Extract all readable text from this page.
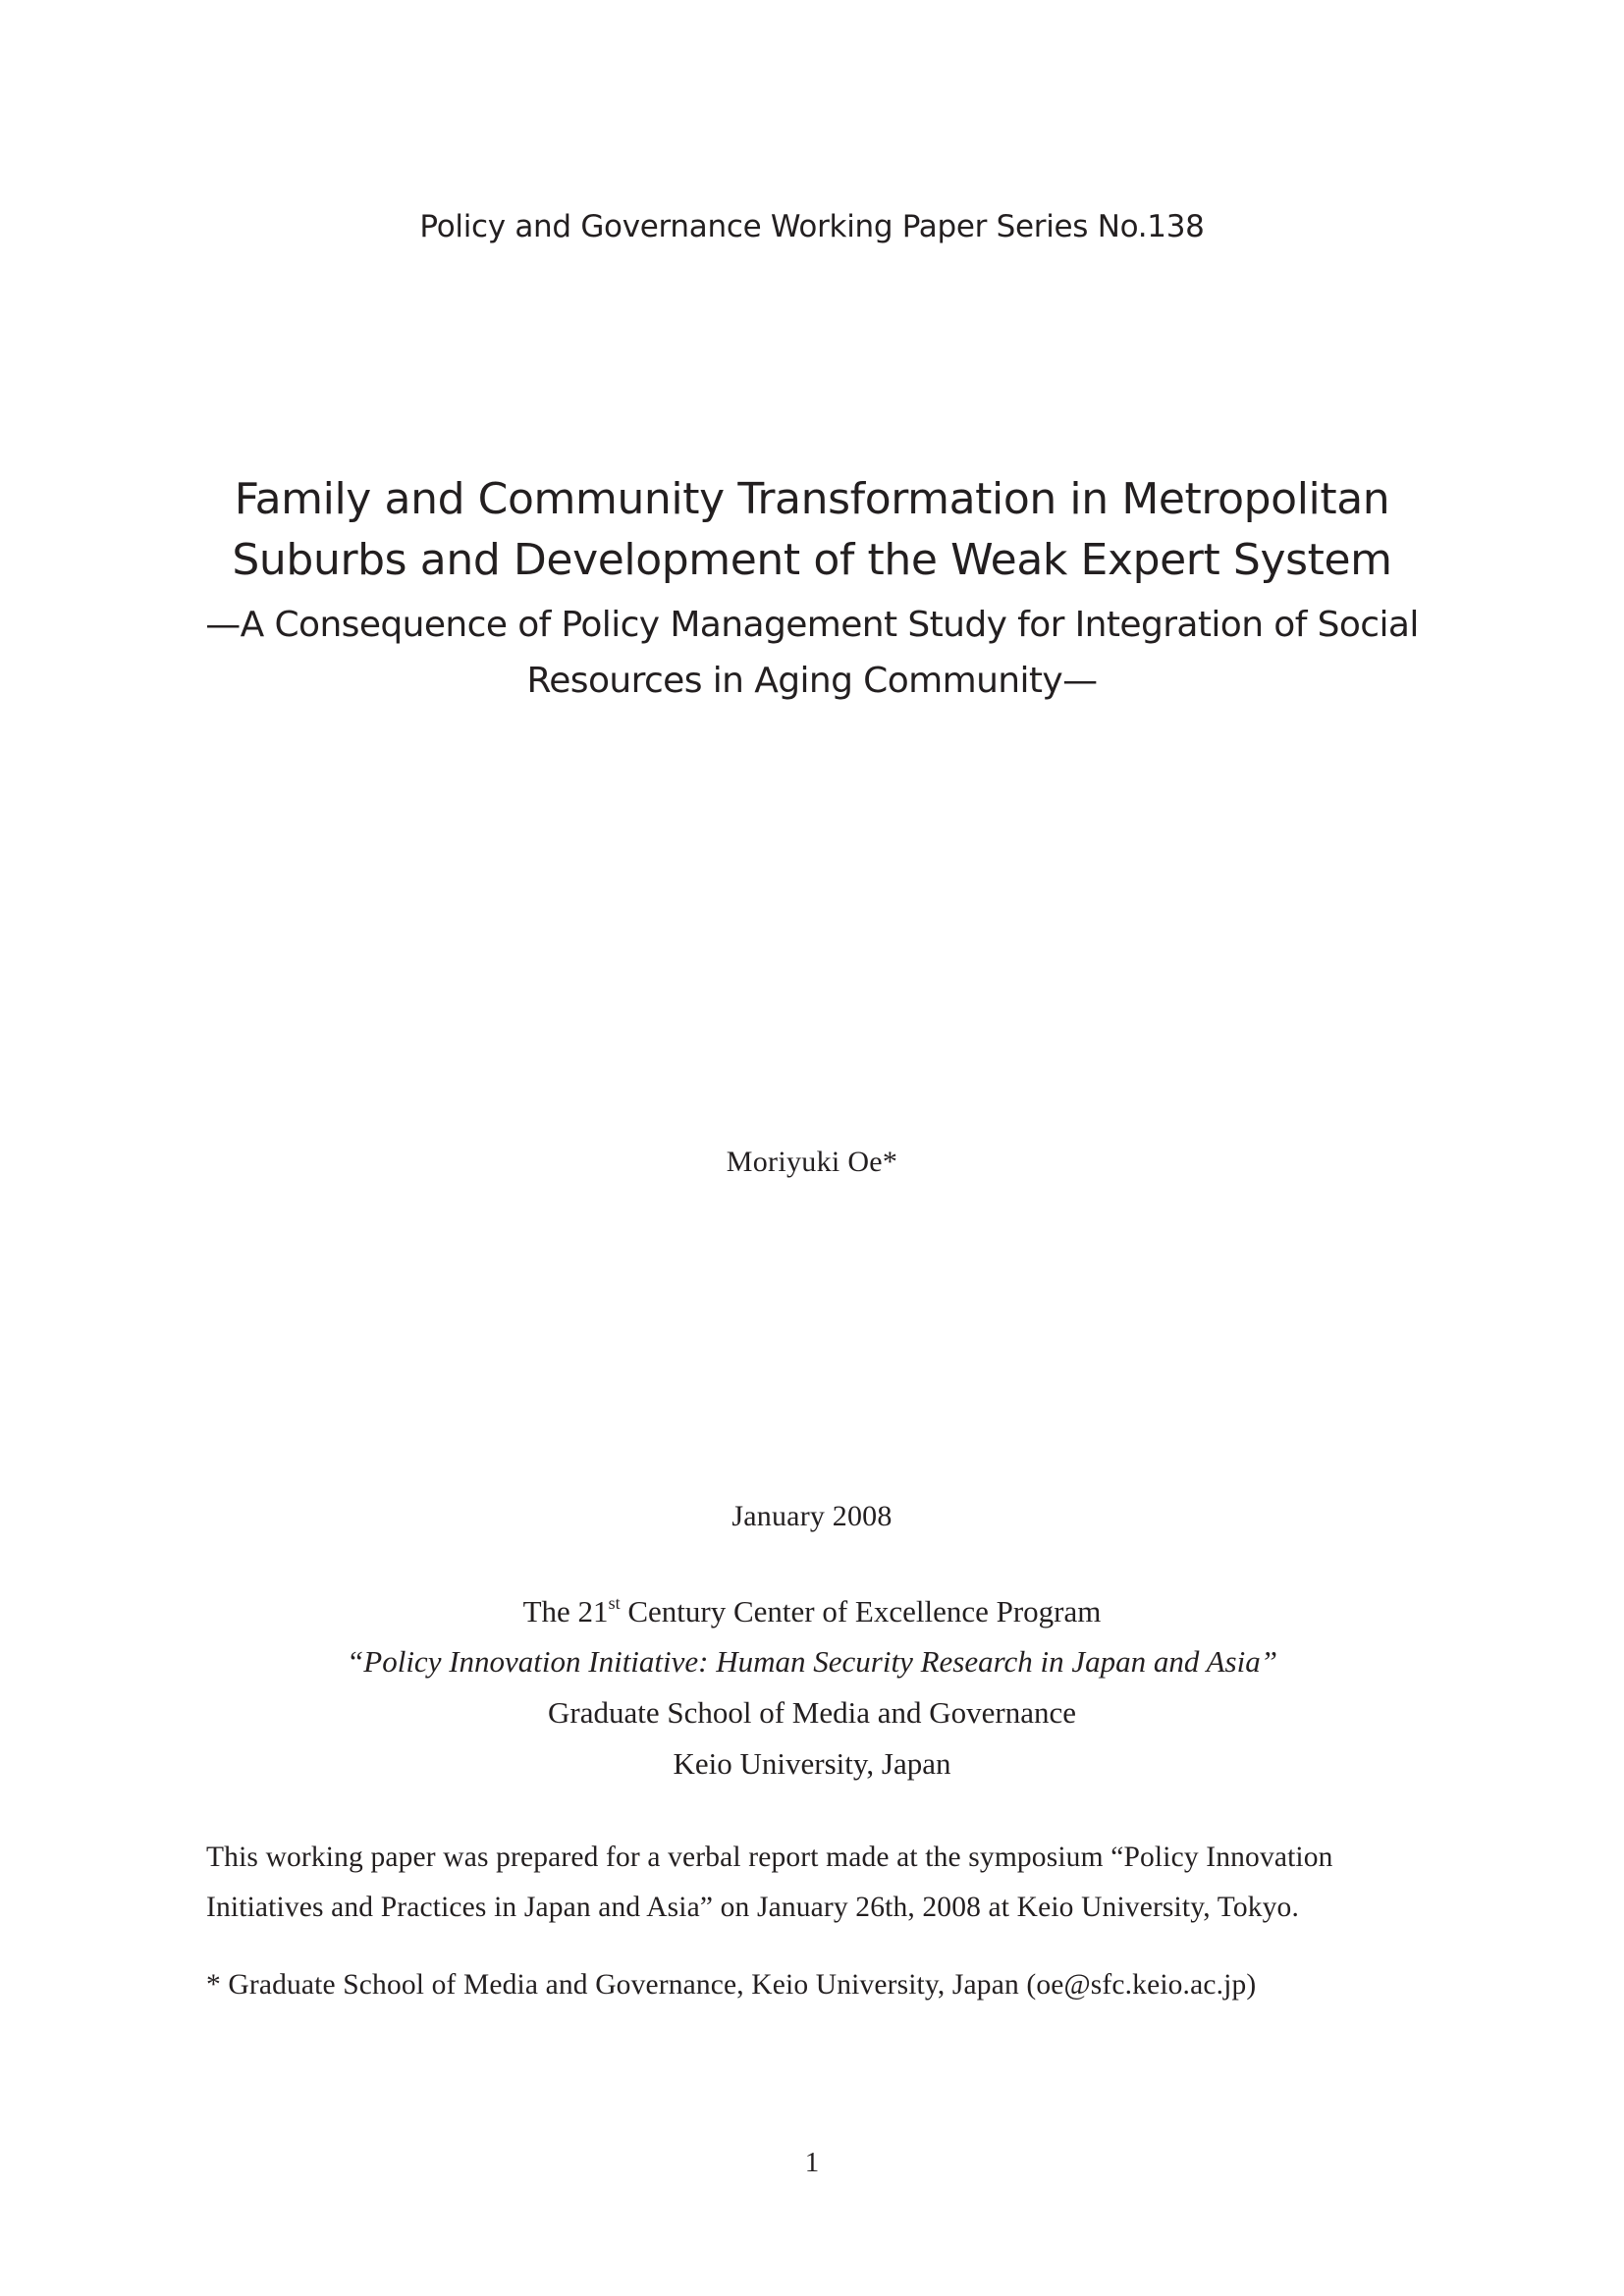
Policy and Governance Working Paper Series No.138
Family and Community Transformation in Metropolitan
Suburbs and Development of the Weak Expert System
—A Consequence of Policy Management Study for Integration of Social
Resources in Aging Community—
Moriyuki Oe*
January 2008
The 21st Century Center of Excellence Program
“Policy Innovation Initiative: Human Security Research in Japan and Asia”
Graduate School of Media and Governance
Keio University, Japan
This working paper was prepared for a verbal report made at the symposium “Policy Innovation
Initiatives and Practices in Japan and Asia” on January 26th, 2008 at Keio University, Tokyo.
* Graduate School of Media and Governance, Keio University, Japan (oe@sfc.keio.ac.jp)
1
